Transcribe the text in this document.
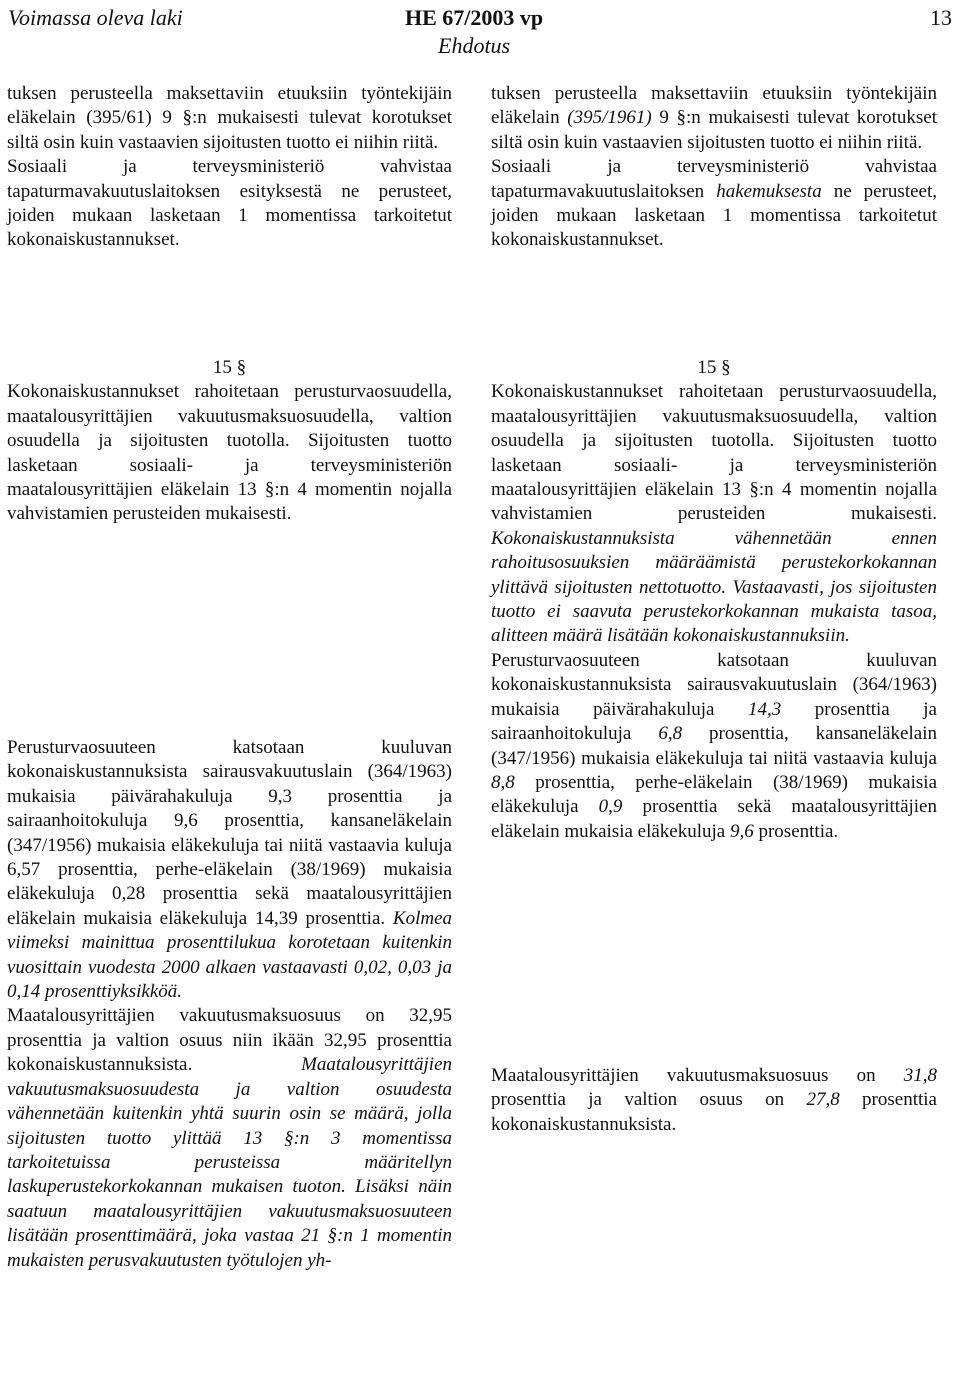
Voimassa oleva laki	HE 67/2003 vp
Ehdotus
13

tuksen perusteella maksettaviin etuuksiin työntekijäin eläkelain (395/61) 9 §:n mukaisesti tulevat korotukset siltä osin kuin vastaavien sijoitusten tuotto ei niihin riitä.

Sosiaali ja terveysministeriö vahvistaa tapaturmavakuutuslaitoksen esityksestä ne perusteet, joiden mukaan lasketaan 1 momentissa tarkoitetut kokonaiskustannukset.

15 §

Kokonaiskustannukset rahoitetaan perusturvaosuudella, maatalousyrittäjien vakuutusmaksuosuudella, valtion osuudella ja sijoitusten tuotolla. Sijoitusten tuotto lasketaan sosiaali- ja terveysministeriön maatalousyrittäjien eläkelain 13 §:n 4 momentin nojalla vahvistamien perusteiden mukaisesti.

Perusturvaosuuteen katsotaan kuuluvan kokonaiskustannuksista sairausvakuutuslain (364/1963) mukaisia päivärahakuluja 9,3 prosenttia ja sairaanhoitokuluja 9,6 prosenttia, kansaneläkelain (347/1956) mukaisia eläkekuluja tai niitä vastaavia kuluja 6,57 prosenttia, perhe-eläkelain (38/1969) mukaisia eläkekuluja 0,28 prosenttia sekä maatalousyrittäjien eläkelain mukaisia eläkekuluja 14,39 prosenttia. Kolmea viimeksi mainittua prosenttilukua korotetaan kuitenkin vuosittain vuodesta 2000 alkaen vastaavasti 0,02, 0,03 ja 0,14 prosenttiyksikköä.

Maatalousyrittäjien vakuutusmaksuosuus on 32,95 prosenttia ja valtion osuus niin ikään 32,95 prosenttia kokonaiskustannuksista.	Maatalousyrittäjien vakuutusmaksuosuudesta ja valtion osuudesta vähennetään kuitenkin yhtä suurin osin se määrä, jolla sijoitusten tuotto ylittää 13 §:n 3 momentissa tarkoitetuissa perusteissa määritellyn laskuperustekorkokannan mukaisen tuoton. Lisäksi näin saatuun maatalousyrittäjien vakuutusmaksuosuuteen lisätään prosenttimäärä, joka vastaa 21 §:n 1 momentin mukaisten perusvakuutusten työtulojen yh-

tuksen perusteella maksettaviin etuuksiin työntekijäin eläkelain (395/1961) 9 §:n mukaisesti tulevat korotukset siltä osin kuin vastaavien sijoitusten tuotto ei niihin riitä.

Sosiaali ja terveysministeriö vahvistaa tapaturmavakuutuslaitoksen hakemuksesta ne perusteet, joiden mukaan lasketaan 1 momentissa tarkoitetut kokonaiskustannukset.

15 §

Kokonaiskustannukset rahoitetaan perusturvaosuudella, maatalousyrittäjien vakuutusmaksuosuudella, valtion osuudella ja sijoitusten tuotolla. Sijoitusten tuotto lasketaan sosiaali- ja terveysministeriön maatalousyrittäjien eläkelain 13 §:n 4 momentin nojalla vahvistamien perusteiden mukaisesti. Kokonaiskustannuksista vähennetään ennen rahoitusosuuksien määräämistä perustekorkokannan ylittävä sijoitusten nettotuotto. Vastaavasti, jos sijoitusten tuotto ei saavuta perustekorkokannan mukaista tasoa, alitteen määrä lisätään kokonaiskustannuksiin.

Perusturvaosuuteen katsotaan kuuluvan kokonaiskustannuksista sairausvakuutuslain (364/1963) mukaisia päivärahakuluja 14,3 prosenttia ja sairaanhoitokuluja 6,8 prosenttia, kansaneläkelain (347/1956) mukaisia eläkekuluja tai niitä vastaavia kuluja 8,8 prosenttia, perhe-eläkelain (38/1969) mukaisia eläkekuluja 0,9 prosenttia sekä maatalousyrittäjien eläkelain mukaisia eläkekuluja 9,6 prosenttia.

Maatalousyrittäjien vakuutusmaksuosuus on 31,8 prosenttia ja valtion osuus on 27,8 prosenttia kokonaiskustannuksista.
